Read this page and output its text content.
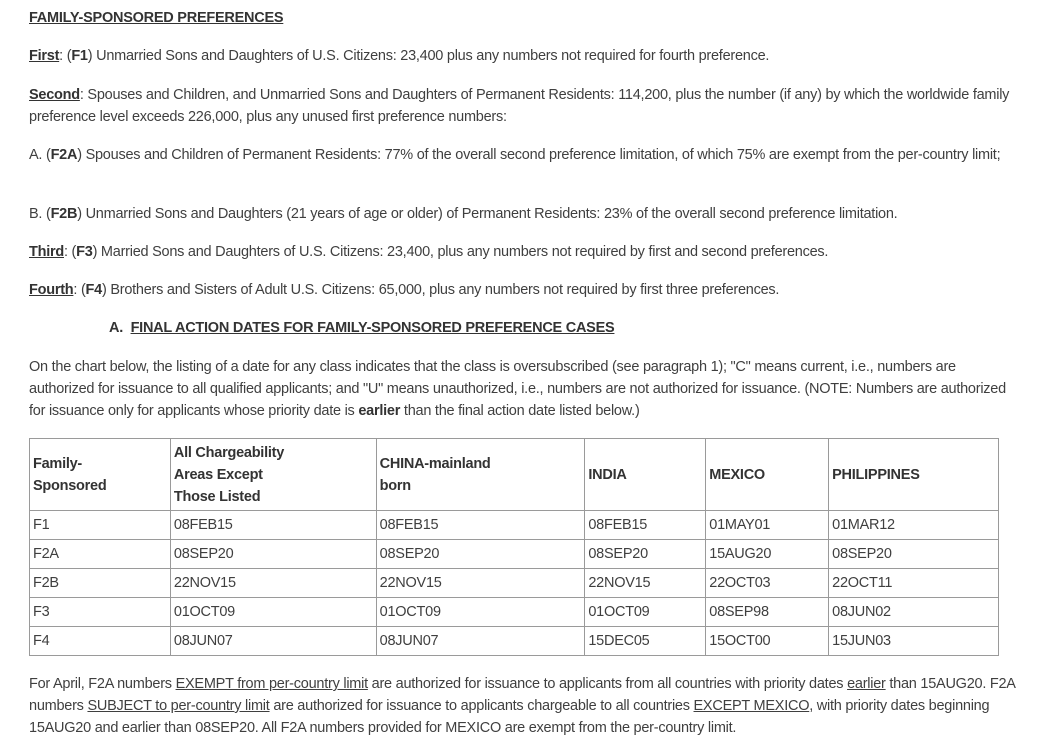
FAMILY-SPONSORED PREFERENCES

First: (F1) Unmarried Sons and Daughters of U.S. Citizens: 23,400 plus any numbers not required for fourth preference.

Second: Spouses and Children, and Unmarried Sons and Daughters of Permanent Residents: 114,200, plus the number (if any) by which the worldwide family preference level exceeds 226,000, plus any unused first preference numbers:

A. (F2A) Spouses and Children of Permanent Residents: 77% of the overall second preference limitation, of which 75% are exempt from the per-country limit;

B. (F2B) Unmarried Sons and Daughters (21 years of age or older) of Permanent Residents: 23% of the overall second preference limitation.

Third: (F3) Married Sons and Daughters of U.S. Citizens: 23,400, plus any numbers not required by first and second preferences.

Fourth: (F4) Brothers and Sisters of Adult U.S. Citizens: 65,000, plus any numbers not required by first three preferences.

A.  FINAL ACTION DATES FOR FAMILY-SPONSORED PREFERENCE CASES

On the chart below, the listing of a date for any class indicates that the class is oversubscribed (see paragraph 1); "C" means current, i.e., numbers are authorized for issuance to all qualified applicants; and "U" means unauthorized, i.e., numbers are not authorized for issuance. (NOTE: Numbers are authorized for issuance only for applicants whose priority date is earlier than the final action date listed below.)

Family-
Sponsored	All Chargeability
Areas Except
Those Listed	CHINA-mainland
born	INDIA	MEXICO	PHILIPPINES
F1	08FEB15	08FEB15	08FEB15	01MAY01	01MAR12
F2A	08SEP20	08SEP20	08SEP20	15AUG20	08SEP20
F2B	22NOV15	22NOV15	22NOV15	22OCT03	22OCT11
F3	01OCT09	01OCT09	01OCT09	08SEP98	08JUN02
F4	08JUN07	08JUN07	15DEC05	15OCT00	15JUN03

For April, F2A numbers EXEMPT from per-country limit are authorized for issuance to applicants from all countries with priority dates earlier than 15AUG20. F2A numbers SUBJECT to per-country limit are authorized for issuance to applicants chargeable to all countries EXCEPT MEXICO, with priority dates beginning 15AUG20 and earlier than 08SEP20. All F2A numbers provided for MEXICO are exempt from the per-country limit.
